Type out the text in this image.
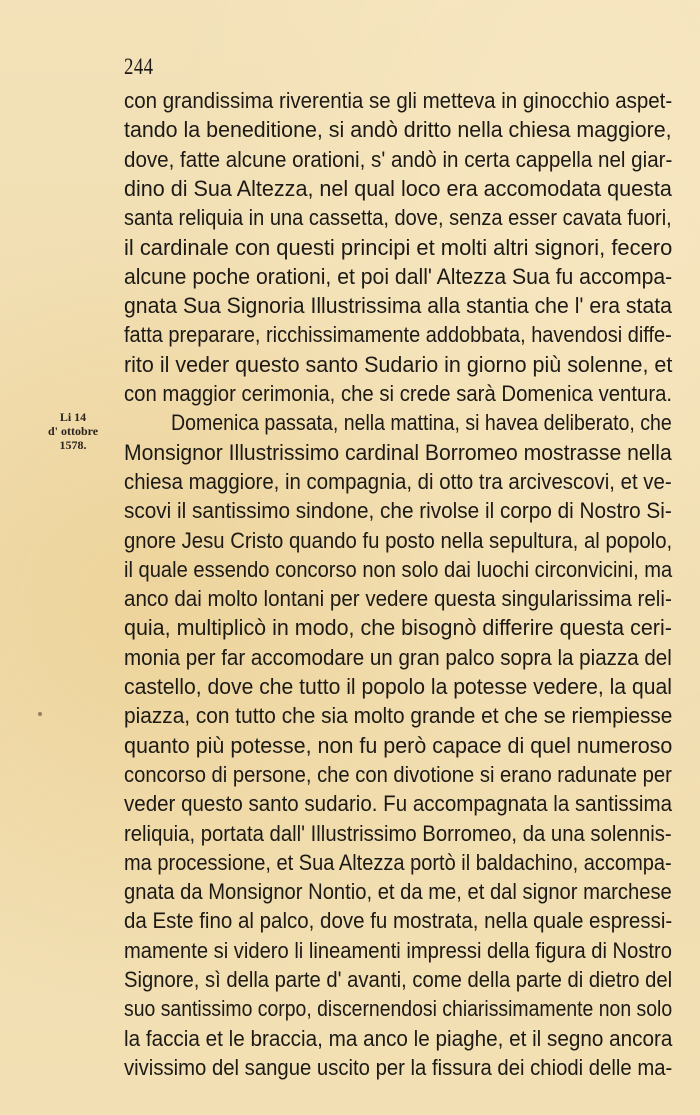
244
Li 14
d' ottobre
1578.
con grandissima riverentia se gli metteva in ginocchio aspet-
tando la beneditione, si andò dritto nella chiesa maggiore,
dove, fatte alcune orationi, s' andò in certa cappella nel giar-
dino di Sua Altezza, nel qual loco era accomodata questa
santa reliquia in una cassetta, dove, senza esser cavata fuori,
il cardinale con questi principi et molti altri signori, fecero
alcune poche orationi, et poi dall' Altezza Sua fu accompa-
gnata Sua Signoria Illustrissima alla stantia che l' era stata
fatta preparare, ricchissimamente addobbata, havendosi diffe-
rito il veder questo santo Sudario in giorno più solenne, et
con maggior cerimonia, che si crede sarà Domenica ventura.
Domenica passata, nella mattina, si havea deliberato, che
Monsignor Illustrissimo cardinal Borromeo mostrasse nella
chiesa maggiore, in compagnia, di otto tra arcivescovi, et ve-
scovi il santissimo sindone, che rivolse il corpo di Nostro Si-
gnore Jesu Cristo quando fu posto nella sepultura, al popolo,
il quale essendo concorso non solo dai luochi circonvicini, ma
anco dai molto lontani per vedere questa singularissima reli-
quia, multiplicò in modo, che bisognò differire questa ceri-
monia per far accomodare un gran palco sopra la piazza del
castello, dove che tutto il popolo la potesse vedere, la qual
piazza, con tutto che sia molto grande et che se riempiesse
quanto più potesse, non fu però capace di quel numeroso
concorso di persone, che con divotione si erano radunate per
veder questo santo sudario. Fu accompagnata la santissima
reliquia, portata dall' Illustrissimo Borromeo, da una solennis-
ma processione, et Sua Altezza portò il baldachino, accompa-
gnata da Monsignor Nontio, et da me, et dal signor marchese
da Este fino al palco, dove fu mostrata, nella quale espressi-
mamente si videro li lineamenti impressi della figura di Nostro
Signore, sì della parte d' avanti, come della parte di dietro del
suo santissimo corpo, discernendosi chiarissimamente non solo
la faccia et le braccia, ma anco le piaghe, et il segno ancora
vivissimo del sangue uscito per la fissura dei chiodi delle ma-
